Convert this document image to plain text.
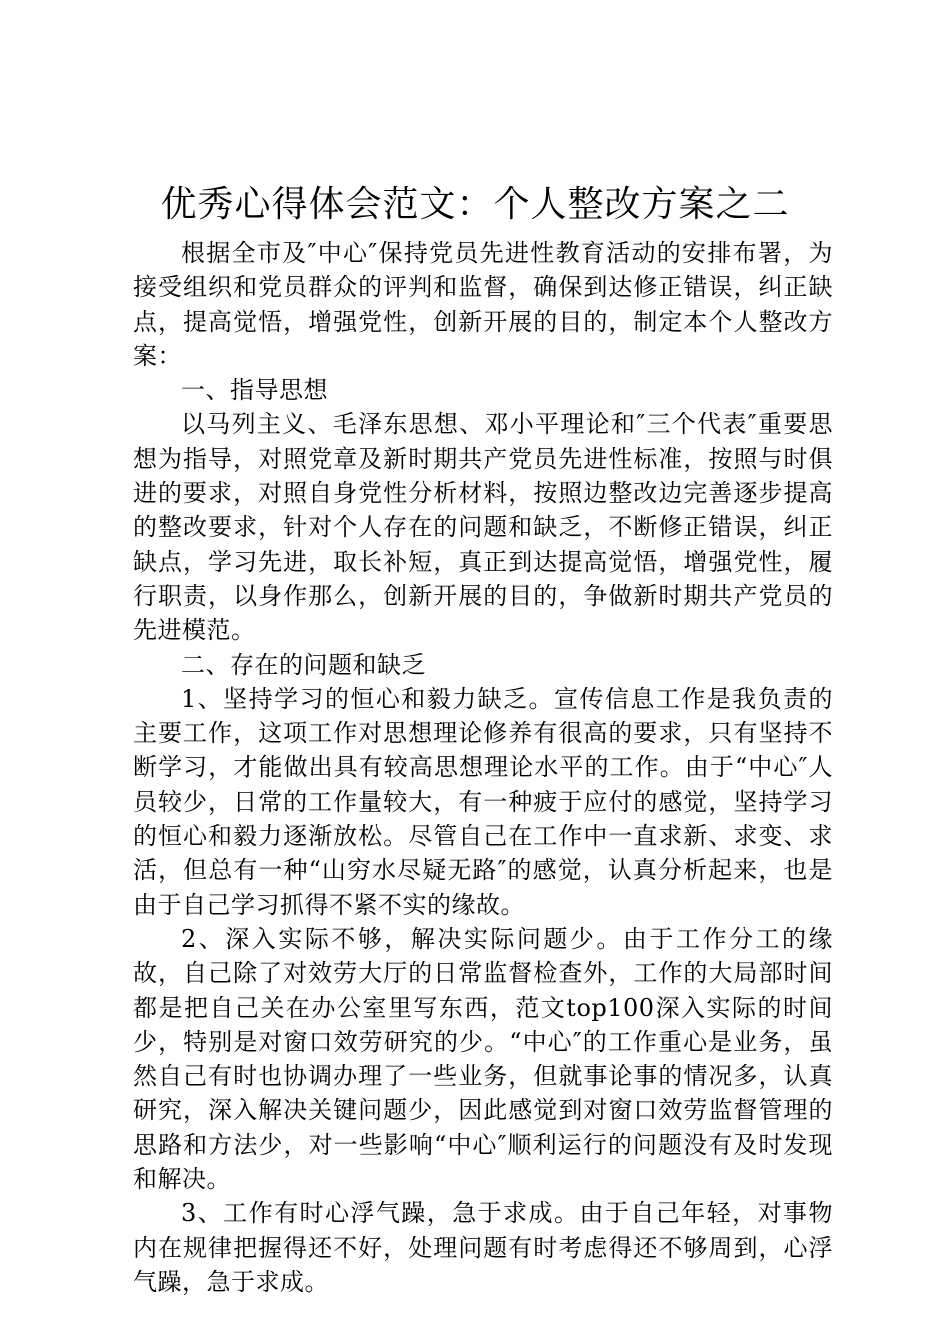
优秀心得体会范文：个人整改方案之二

根据全市及″中心″保持党员先进性教育活动的安排布署，为接受组织和党员群众的评判和监督，确保到达修正错误，纠正缺点，提高觉悟，增强党性，创新开展的目的，制定本个人整改方案：

一、指导思想

以马列主义、毛泽东思想、邓小平理论和″三个代表″重要思想为指导，对照党章及新时期共产党员先进性标准，按照与时俱进的要求，对照自身党性分析材料，按照边整改边完善逐步提高的整改要求，针对个人存在的问题和缺乏，不断修正错误，纠正缺点，学习先进，取长补短，真正到达提高觉悟，增强党性，履行职责，以身作那么，创新开展的目的，争做新时期共产党员的先进模范。

二、存在的问题和缺乏

1、坚持学习的恒心和毅力缺乏。宣传信息工作是我负责的主要工作，这项工作对思想理论修养有很高的要求，只有坚持不断学习，才能做出具有较高思想理论水平的工作。由于“中心″人员较少，日常的工作量较大，有一种疲于应付的感觉，坚持学习的恒心和毅力逐渐放松。尽管自己在工作中一直求新、求变、求活，但总有一种“山穷水尽疑无路″的感觉，认真分析起来，也是由于自己学习抓得不紧不实的缘故。

2、深入实际不够，解决实际问题少。由于工作分工的缘故，自己除了对效劳大厅的日常监督检查外，工作的大局部时间都是把自己关在办公室里写东西，范文top100深入实际的时间少，特别是对窗口效劳研究的少。“中心″的工作重心是业务，虽然自己有时也协调办理了一些业务，但就事论事的情况多，认真研究，深入解决关键问题少，因此感觉到对窗口效劳监督管理的思路和方法少，对一些影响“中心″顺利运行的问题没有及时发现和解决。

3、工作有时心浮气躁，急于求成。由于自己年轻，对事物内在规律把握得还不好，处理问题有时考虑得还不够周到，心浮气躁，急于求成。
